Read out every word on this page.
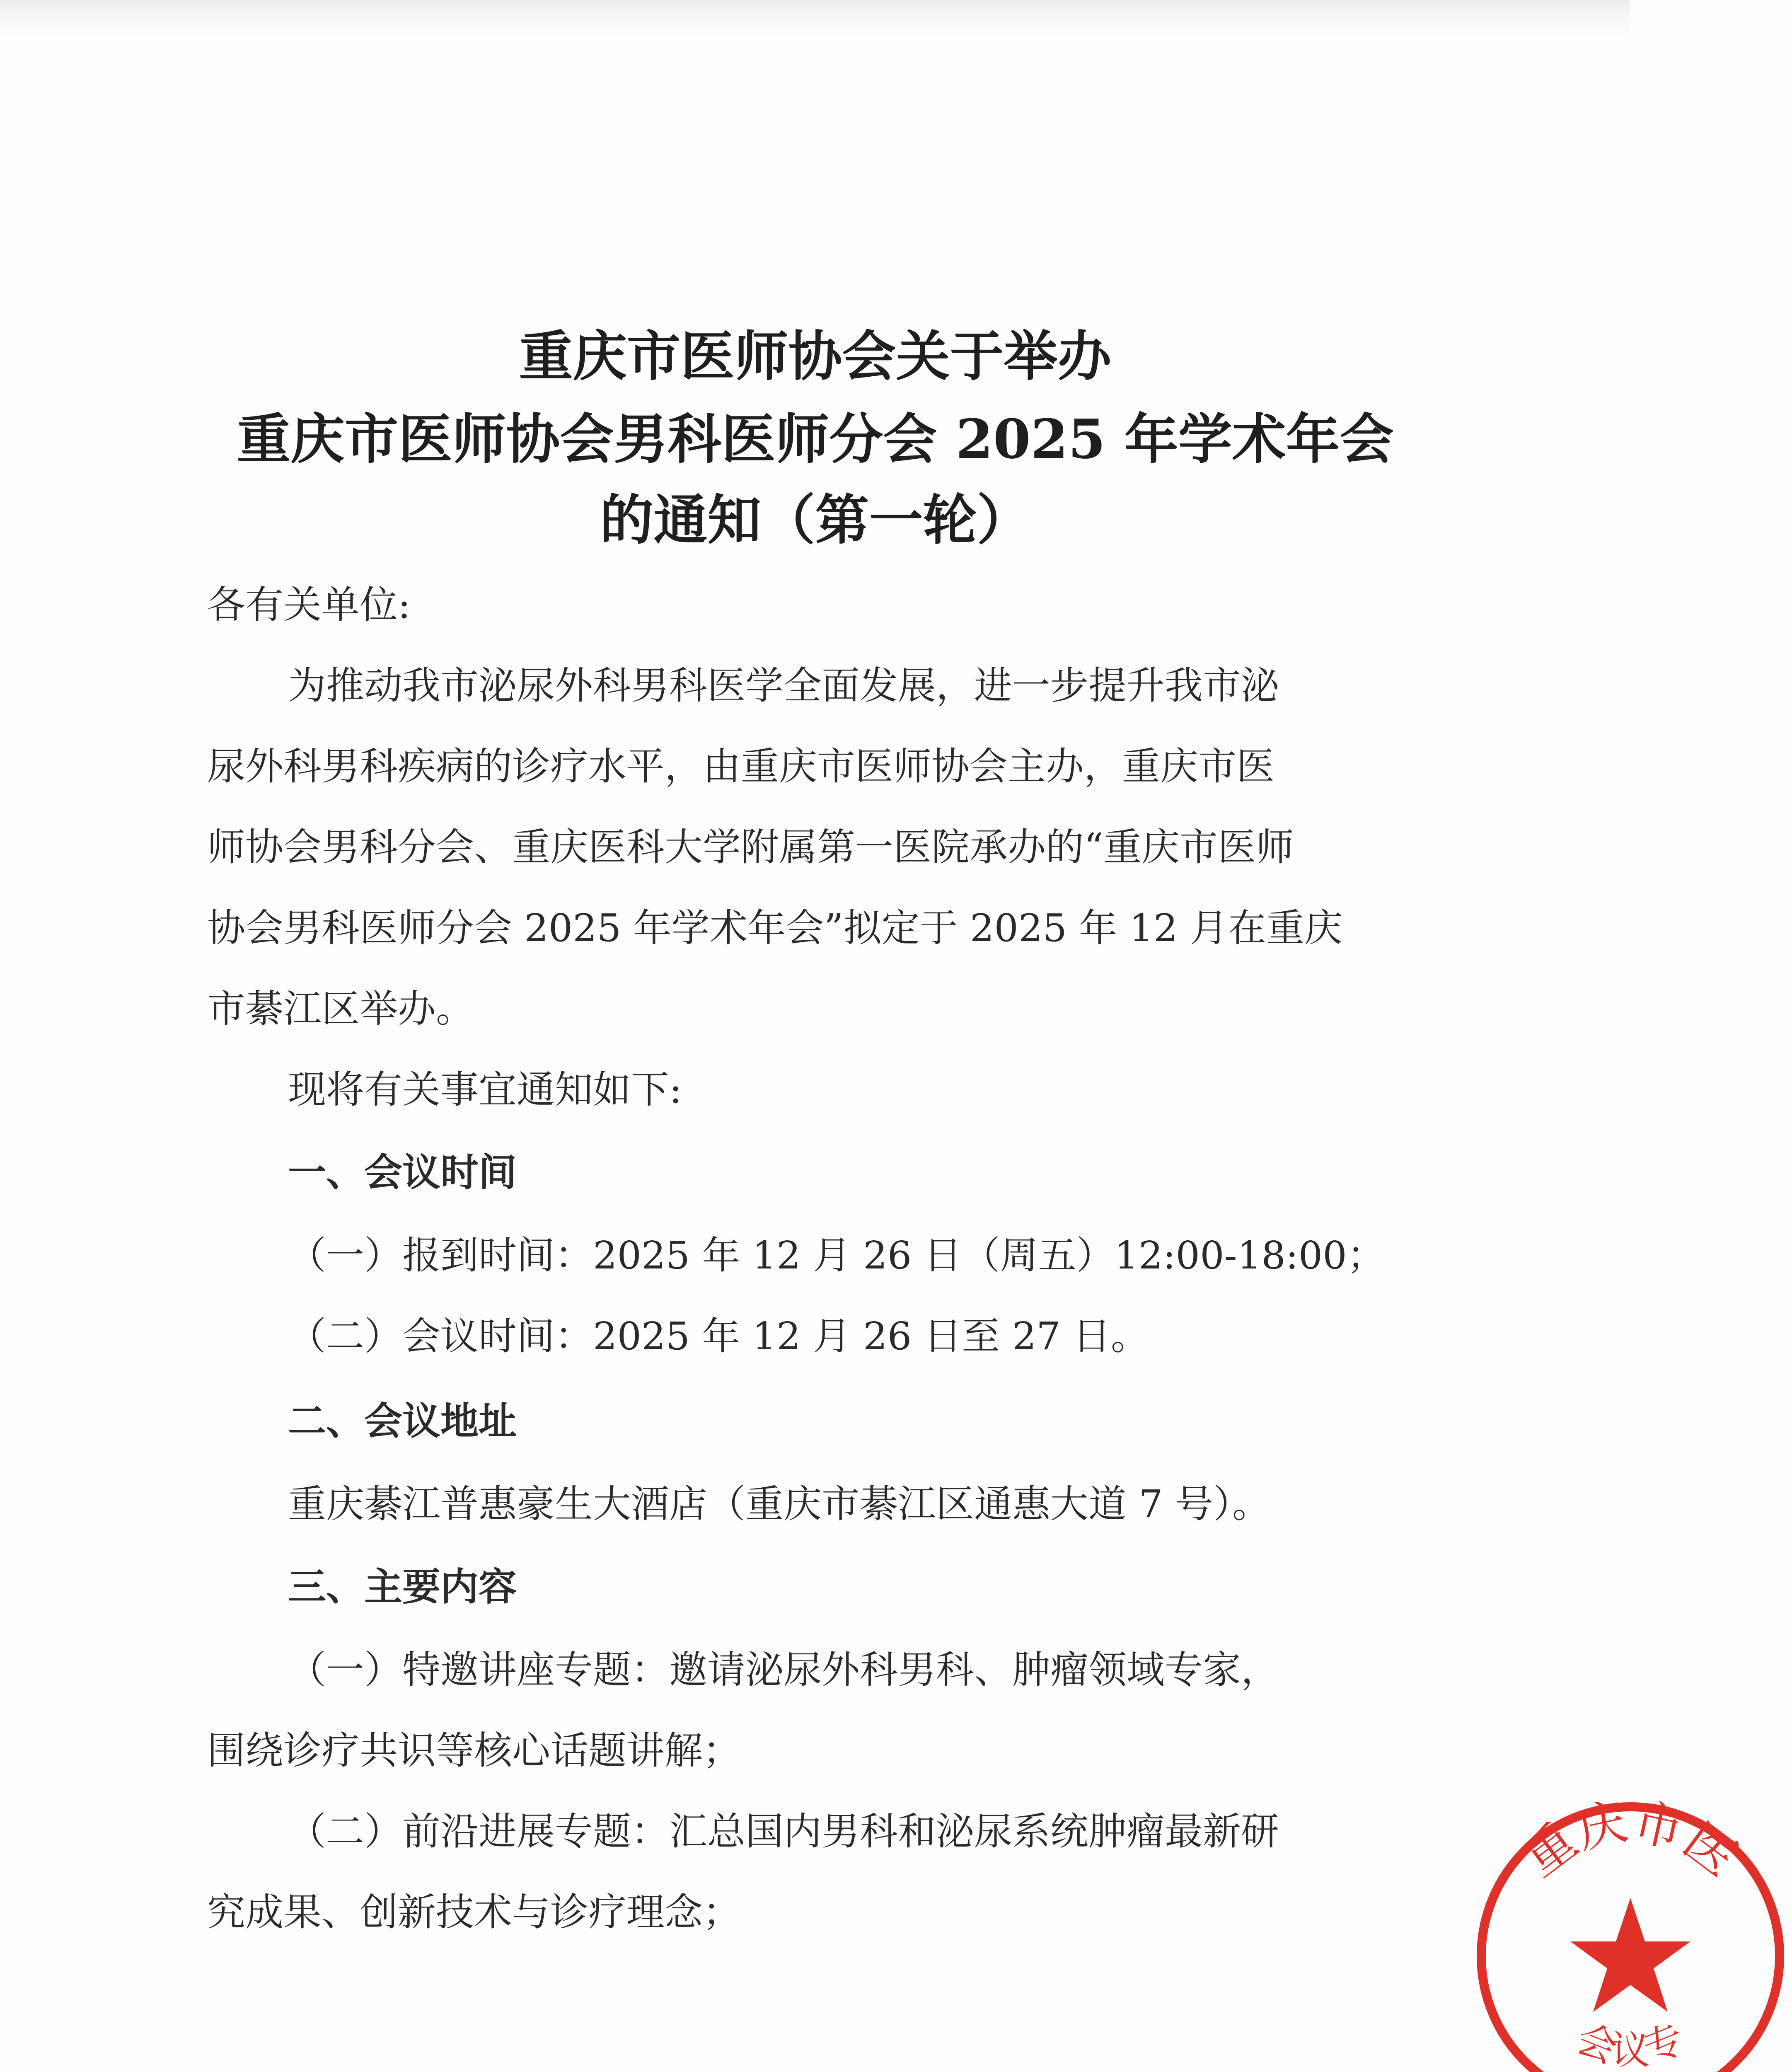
重庆市医师协会关于举办
重庆市医师协会男科医师分会 2025 年学术年会
的通知（第一轮）
各有关单位:
为推动我市泌尿外科男科医学全面发展，进一步提升我市泌
尿外科男科疾病的诊疗水平，由重庆市医师协会主办，重庆市医
师协会男科分会、重庆医科大学附属第一医院承办的“重庆市医师
协会男科医师分会 2025 年学术年会”拟定于 2025 年 12 月在重庆
市綦江区举办。
现将有关事宜通知如下:
一、会议时间
（一）报到时间：2025 年 12 月 26 日（周五）12:00-18:00；
（二）会议时间：2025 年 12 月 26 日至 27 日。
二、会议地址
重庆綦江普惠豪生大酒店（重庆市綦江区通惠大道 7 号）。
三、主要内容
（一）特邀讲座专题：邀请泌尿外科男科、肿瘤领域专家，
围绕诊疗共识等核心话题讲解；
（二）前沿进展专题：汇总国内男科和泌尿系统肿瘤最新研
究成果、创新技术与诊疗理念；
重庆市医
会议专
